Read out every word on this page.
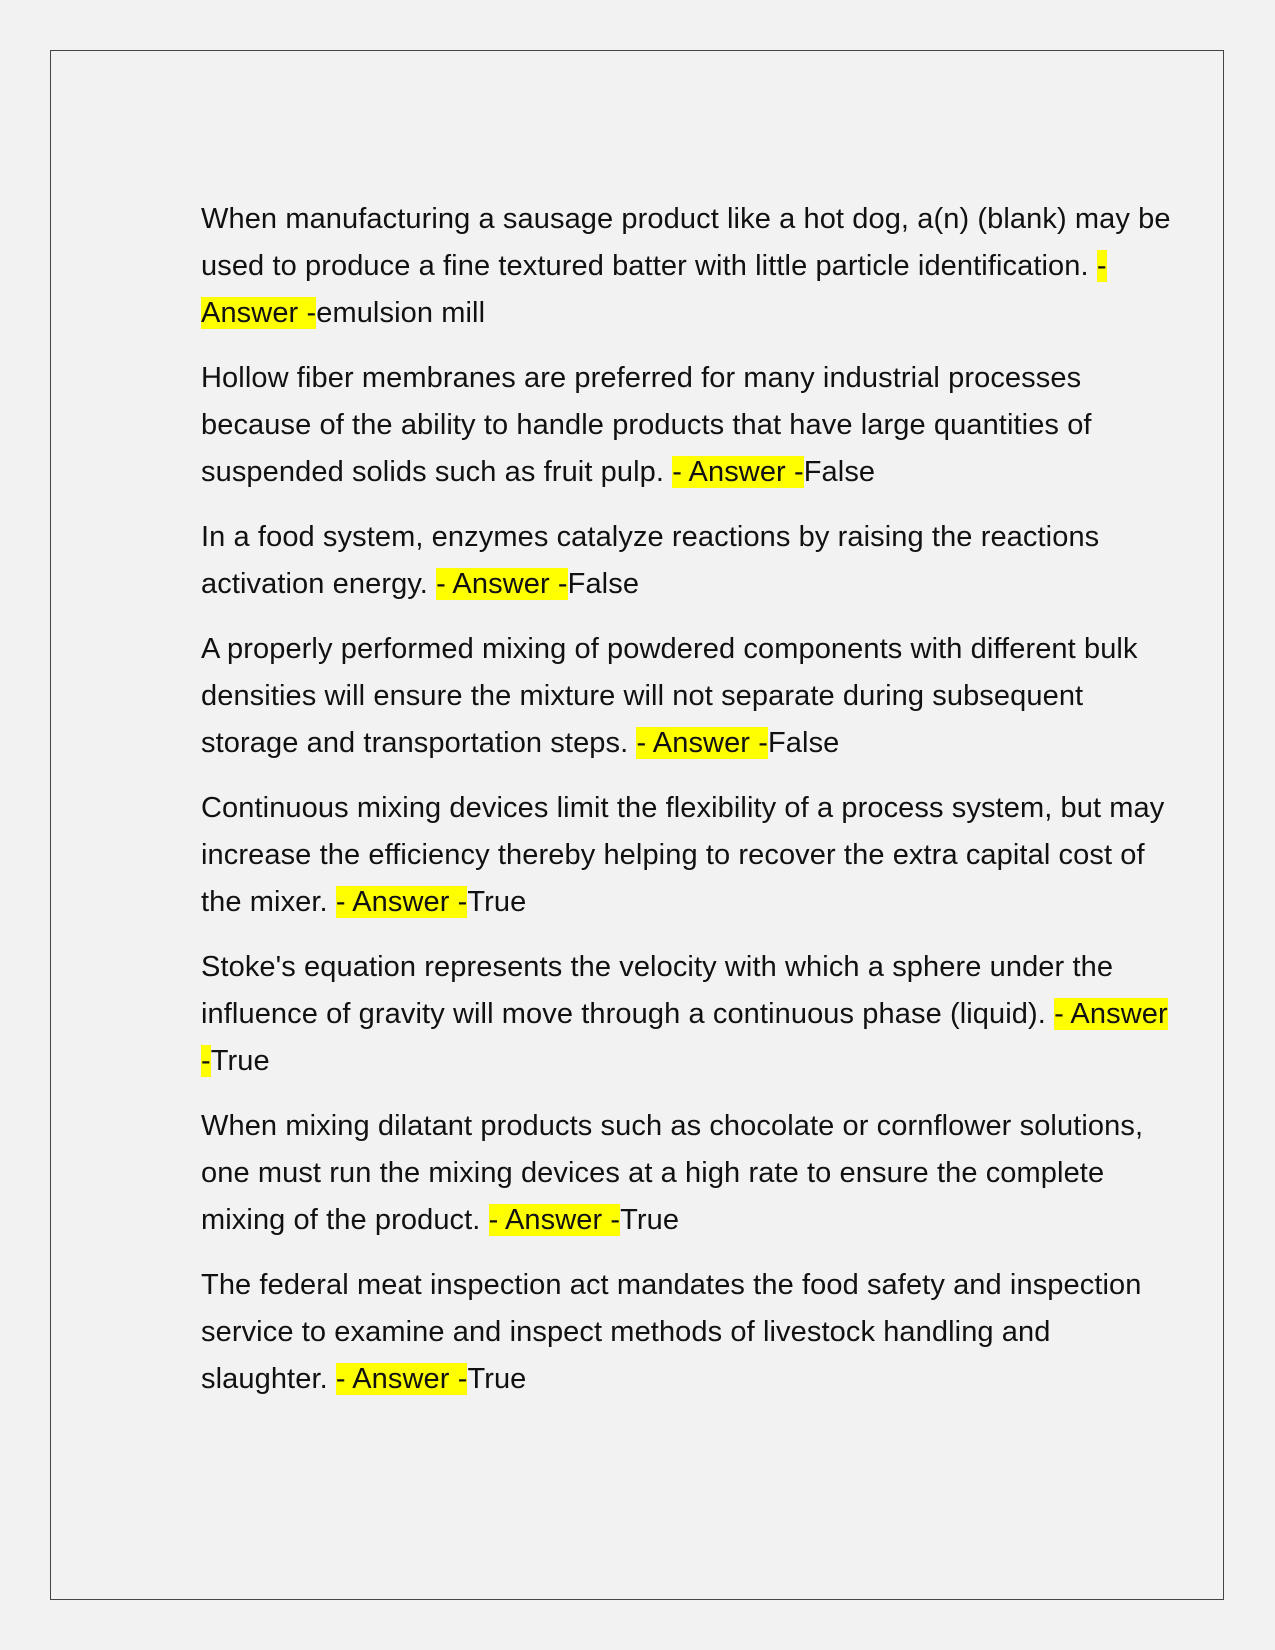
When manufacturing a sausage product like a hot dog, a(n) (blank) may be used to produce a fine textured batter with little particle identification. - Answer -emulsion mill

Hollow fiber membranes are preferred for many industrial processes because of the ability to handle products that have large quantities of suspended solids such as fruit pulp. - Answer -False

In a food system, enzymes catalyze reactions by raising the reactions activation energy. - Answer -False

A properly performed mixing of powdered components with different bulk densities will ensure the mixture will not separate during subsequent storage and transportation steps. - Answer -False

Continuous mixing devices limit the flexibility of a process system, but may increase the efficiency thereby helping to recover the extra capital cost of the mixer. - Answer -True

Stoke's equation represents the velocity with which a sphere under the influence of gravity will move through a continuous phase (liquid). - Answer -True

When mixing dilatant products such as chocolate or cornflower solutions, one must run the mixing devices at a high rate to ensure the complete mixing of the product. - Answer -True

The federal meat inspection act mandates the food safety and inspection service to examine and inspect methods of livestock handling and slaughter. - Answer -True
